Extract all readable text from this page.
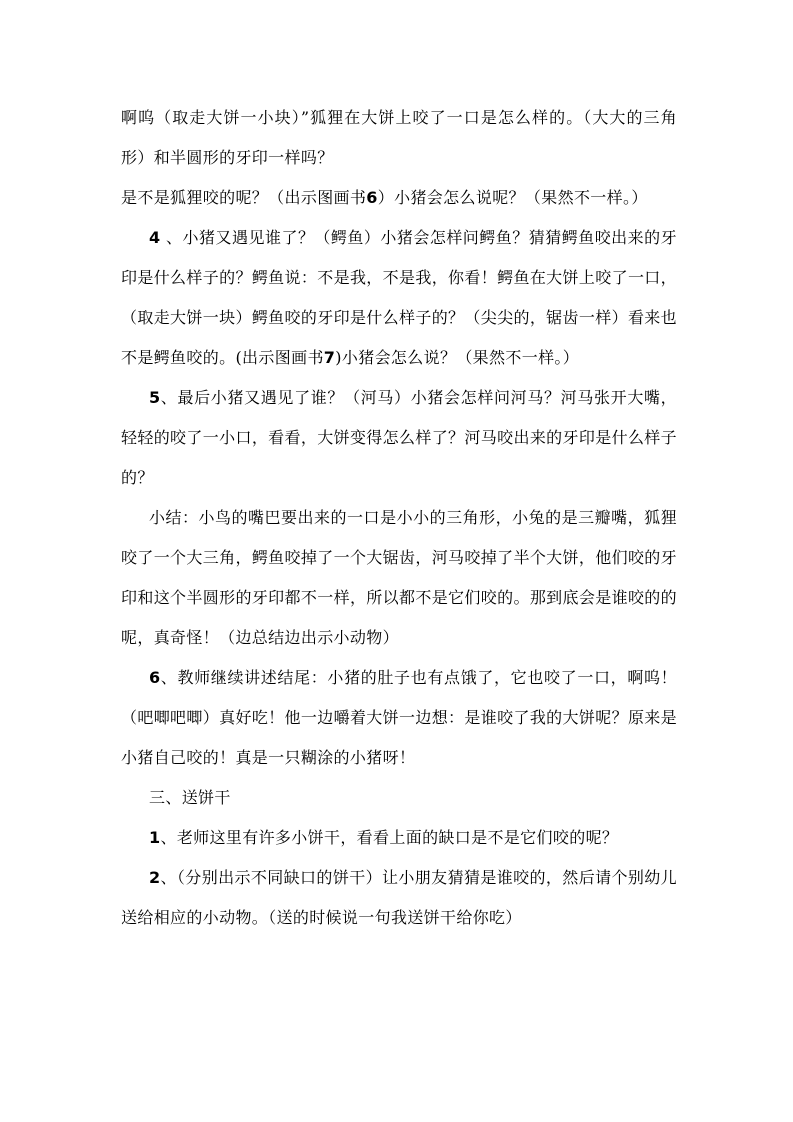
啊呜（取走大饼一小块）”狐狸在大饼上咬了一口是怎么样的。（大大的三角形）和半圆形的牙印一样吗？

是不是狐狸咬的呢？（出示图画书6）小猪会怎么说呢？（果然不一样。）

4 、小猪又遇见谁了？（鳄鱼）小猪会怎样问鳄鱼？猜猜鳄鱼咬出来的牙印是什么样子的？鳄鱼说：不是我，不是我，你看！鳄鱼在大饼上咬了一口，（取走大饼一块）鳄鱼咬的牙印是什么样子的？（尖尖的，锯齿一样）看来也不是鳄鱼咬的。(出示图画书7)小猪会怎么说？（果然不一样。）

5、最后小猪又遇见了谁？（河马）小猪会怎样问河马？河马张开大嘴，轻轻的咬了一小口，看看，大饼变得怎么样了？河马咬出来的牙印是什么样子的？

小结：小鸟的嘴巴要出来的一口是小小的三角形，小兔的是三瓣嘴，狐狸咬了一个大三角，鳄鱼咬掉了一个大锯齿，河马咬掉了半个大饼，他们咬的牙印和这个半圆形的牙印都不一样，所以都不是它们咬的。那到底会是谁咬的的呢，真奇怪！（边总结边出示小动物）

6、教师继续讲述结尾：小猪的肚子也有点饿了，它也咬了一口，啊呜！（吧唧吧唧）真好吃！他一边嚼着大饼一边想：是谁咬了我的大饼呢？原来是小猪自己咬的！真是一只糊涂的小猪呀！

三、送饼干

1、老师这里有许多小饼干，看看上面的缺口是不是它们咬的呢？

2、（分别出示不同缺口的饼干）让小朋友猜猜是谁咬的，然后请个别幼儿送给相应的小动物。（送的时候说一句我送饼干给你吃）
